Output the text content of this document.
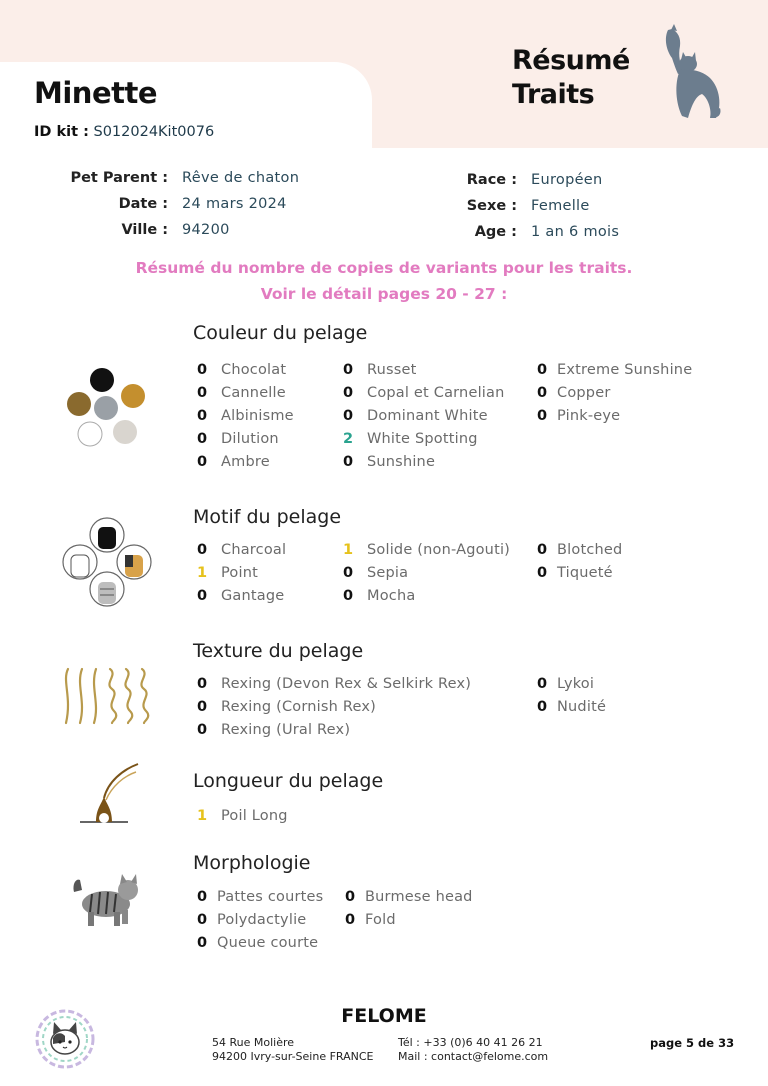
Minette
ID kit : S012024Kit0076
Résumé
Traits
Pet Parent : Rêve de chaton
Date : 24 mars 2024
Ville : 94200
Race : Européen
Sexe : Femelle
Age : 1 an 6 mois
Résumé du nombre de copies de variants pour les traits.
Voir le détail pages 20 - 27 :
Couleur du pelage
0 Chocolat
0 Cannelle
0 Albinisme
0 Dilution
0 Ambre
0 Russet
0 Copal et Carnelian
0 Dominant White
2 White Spotting
0 Sunshine
0 Extreme Sunshine
0 Copper
0 Pink-eye
Motif du pelage
0 Charcoal
1 Point
0 Gantage
1 Solide (non-Agouti)
0 Sepia
0 Mocha
0 Blotched
0 Tiqueté
Texture du pelage
0 Rexing (Devon Rex & Selkirk Rex)
0 Rexing (Cornish Rex)
0 Rexing (Ural Rex)
0 Lykoi
0 Nudité
Longueur du pelage
1 Poil Long
Morphologie
0 Pattes courtes
0 Polydactylie
0 Queue courte
0 Burmese head
0 Fold
FELOME
54 Rue Molière
94200 Ivry-sur-Seine FRANCE
Tél : +33 (0)6 40 41 26 21
Mail : contact@felome.com
page 5 de 33
